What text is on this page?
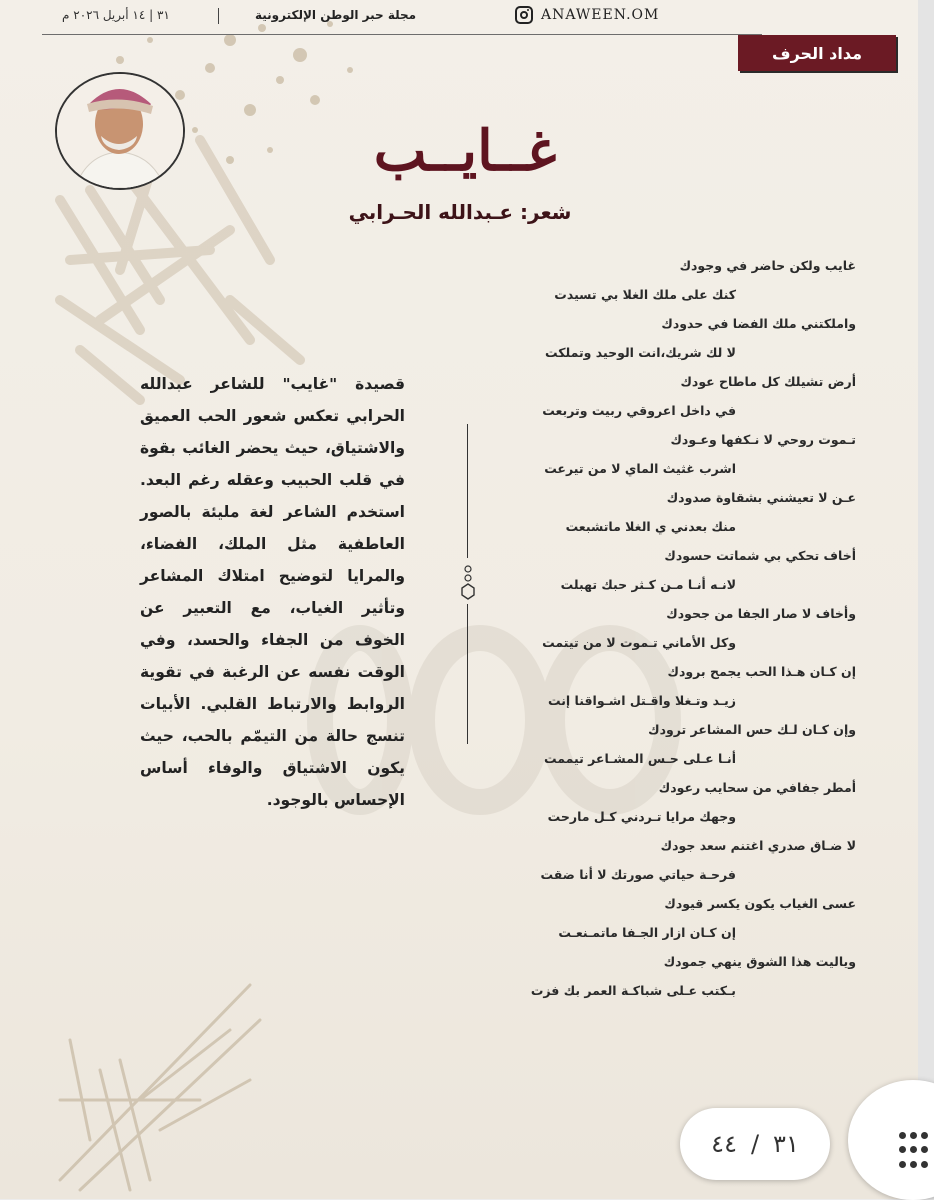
٣١ | ١٤ أبريل ٢٠٢٦ م	مجلة حبر الوطن الإلكترونية	ANAWEEN.OM
مداد الحرف
غــايــب
شعر: عـبدالله الحـرابي
غايب ولكن حاضر في وجودك
كنك على ملك الغلا بي تسيدت
واملكتني ملك الفضا في حدودك
لا لك شريك،انت الوحيد وتملكت
أرض تشيلك كل ماطاح عودك
في داخل اعروقي ربيت وتربعت
تـموت روحي لا نـكفها وعـودك
اشرب غثيث الماي لا من تيرعت
عـن لا تعيشني بشقاوة صدودك
منك بعدني ي الغلا ماتشبعت
أخاف تحكي بي شماتت حسودك
لانـه أنـا مـن كـثر حبك تهبلت
وأخاف لا صار الجفا من جحودك
وكل الأماني تـموت لا من تيتمت
إن كـان هـذا الحب يجمح برودك
زيـد وتـغلا واقـتل اشـواقنا إنت
وإن كـان لـك حس المشاعر ترودك
أنـا عـلى حـس المشـاعر تيممت
أمطر جفافي من سحايب رعودك
وجهك مرايا تـردني كـل مارحت
لا ضـاق صدري اغتنم سعد جودك
فرحـة حياتي صورتك لا أنا ضقت
عسى الغياب يكون يكسر قيودك
إن كـان ازار الجـفا ماتمـنعـت
وياليت هذا الشوق ينهي جمودك
بـكتب عـلى شباكـة العمر بك فزت
قصيدة "غايب" للشاعر عبدالله الحرابي تعكس شعور الحب العميق والاشتياق، حيث يحضر الغائب بقوة في قلب الحبيب وعقله رغم البعد. استخدم الشاعر لغة مليئة بالصور العاطفية مثل الملك، الفضاء، والمرايا لتوضيح امتلاك المشاعر وتأثير الغياب، مع التعبير عن الخوف من الجفاء والحسد، وفي الوقت نفسه عن الرغبة في تقوية الروابط والارتباط القلبي. الأبيات تنسج حالة من التيمّم بالحب، حيث يكون الاشتياق والوفاء أساس الإحساس بالوجود.
٣١
/
٤٤
